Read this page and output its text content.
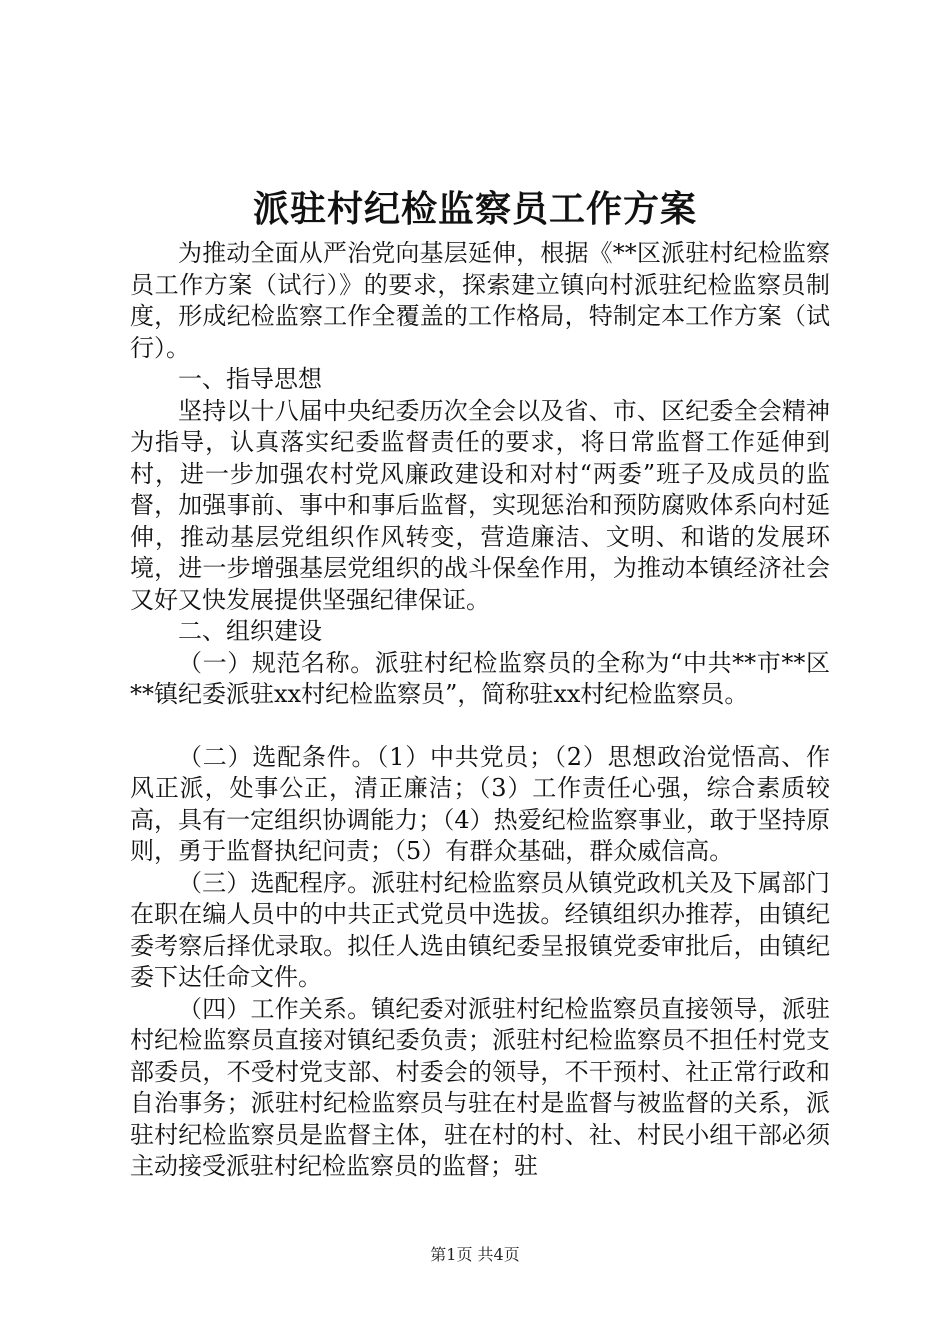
派驻村纪检监察员工作方案

为推动全面从严治党向基层延伸，根据《**区派驻村纪检监察员工作方案（试行）》的要求，探索建立镇向村派驻纪检监察员制度，形成纪检监察工作全覆盖的工作格局，特制定本工作方案（试行）。

一、指导思想

坚持以十八届中央纪委历次全会以及省、市、区纪委全会精神为指导，认真落实纪委监督责任的要求，将日常监督工作延伸到村，进一步加强农村党风廉政建设和对村“两委”班子及成员的监督，加强事前、事中和事后监督，实现惩治和预防腐败体系向村延伸，推动基层党组织作风转变，营造廉洁、文明、和谐的发展环境，进一步增强基层党组织的战斗保垒作用，为推动本镇经济社会又好又快发展提供坚强纪律保证。

二、组织建设

（一）规范名称。派驻村纪检监察员的全称为“中共**市**区**镇纪委派驻xx村纪检监察员”，简称驻xx村纪检监察员。

（二）选配条件。（1）中共党员；（2）思想政治觉悟高、作风正派，处事公正，清正廉洁；（3）工作责任心强，综合素质较高，具有一定组织协调能力；（4）热爱纪检监察事业，敢于坚持原则，勇于监督执纪问责；（5）有群众基础，群众威信高。

（三）选配程序。派驻村纪检监察员从镇党政机关及下属部门在职在编人员中的中共正式党员中选拔。经镇组织办推荐，由镇纪委考察后择优录取。拟任人选由镇纪委呈报镇党委审批后，由镇纪委下达任命文件。

（四）工作关系。镇纪委对派驻村纪检监察员直接领导，派驻村纪检监察员直接对镇纪委负责；派驻村纪检监察员不担任村党支部委员，不受村党支部、村委会的领导，不干预村、社正常行政和自治事务；派驻村纪检监察员与驻在村是监督与被监督的关系，派驻村纪检监察员是监督主体，驻在村的村、社、村民小组干部必须主动接受派驻村纪检监察员的监督；驻

第1页 共4页
